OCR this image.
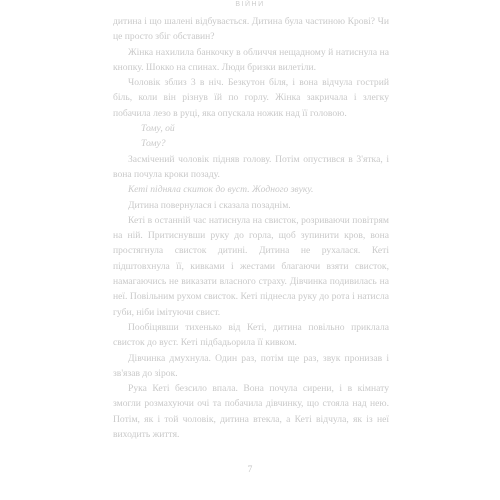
ВІЙНИ

дитина і що шалені відбувається. Дитина була частиною Крові? Чи це просто збіг обставин?

Жінка нахилила банкочку в обличчя нещадному й натиснула на кнопку. Шокко на спинах. Люди бризки вилетіли.

Чоловік зблиз 3 в ніч. Безкутон біля, і вона відчула гострий біль, коли він різнув їй по горлу. Жінка закричала і злегку побачила лезо в руці, яка опускала ножик над її головою.

Тому, ой

Тому?

Засмічений чоловік підняв голову. Потім опустився в 3'ятка, і вона почула кроки позаду.

Кеті підняла скиток до вуст. Жодного звуку.

Дитина повернулася і сказала позаднім.

Кеті в останній час натиснула на свисток, розриваючи повітрям на ній. Притиснувши руку до горла, щоб зупинити кров, вона простягнула свисток дитині. Дитина не рухалася. Кеті підштовхнула її, кивками і жестами благаючи взяти свисток, намагаючись не виказати власного страху. Дівчинка подивилась на неї. Повільним рухом свисток. Кеті піднесла руку до рота і натисла губи, ніби імітуючи свист.

Пообіцявши тихенько від Кеті, дитина повільно приклала свисток до вуст. Кеті підбадьорила її кивком.

Дівчинка дмухнула. Один раз, потім ще раз, звук пронизав і зв'язав до зірок.

Рука Кеті безсило впала. Вона почула сирени, і в кімнату змогли розмахуючи очі та побачила дівчинку, що стояла над нею. Потім, як і той чоловік, дитина втекла, а Кеті відчула, як із неї виходить життя.

7
